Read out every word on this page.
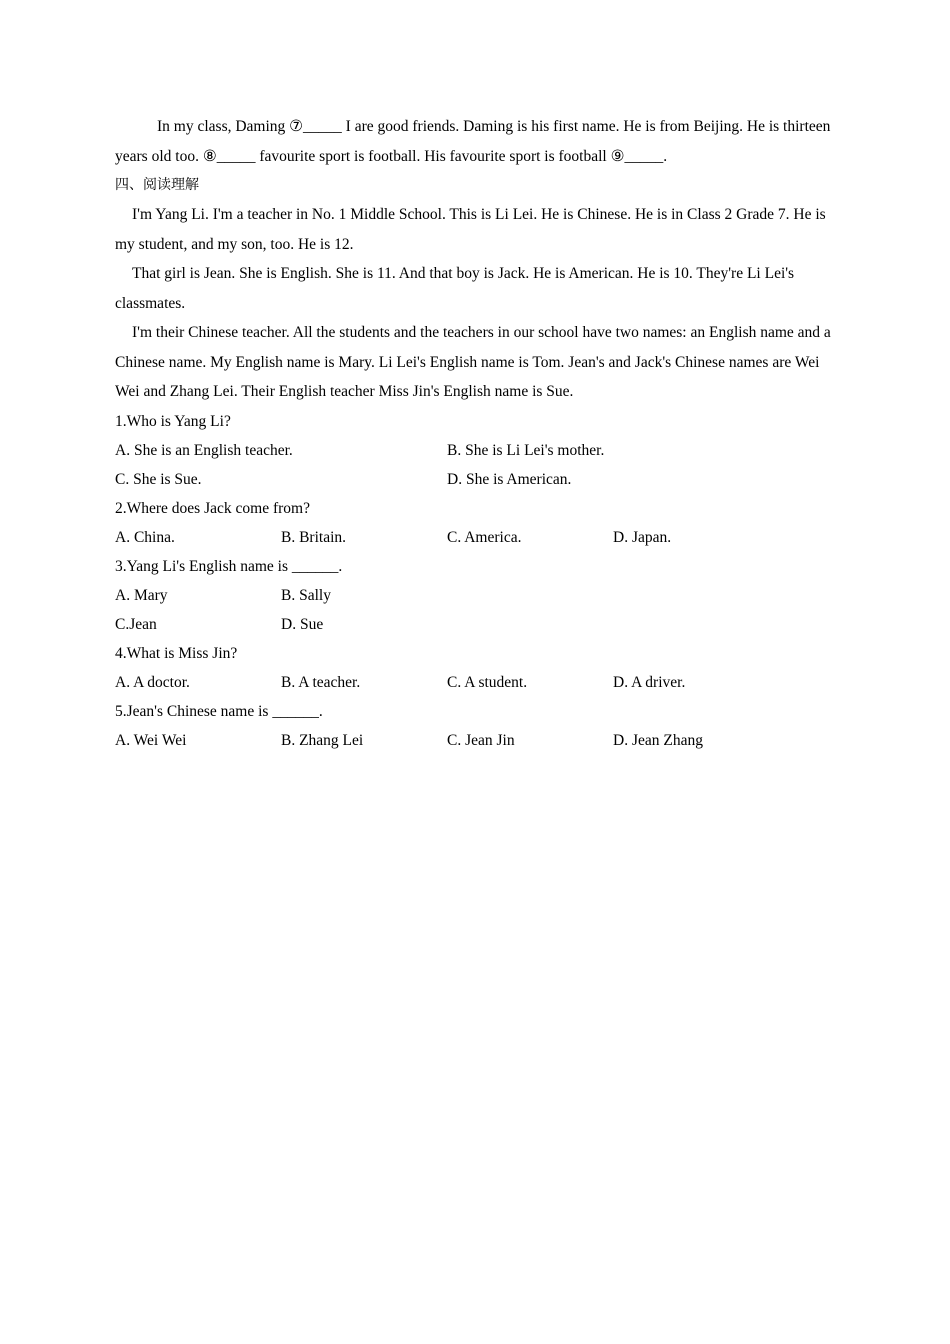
In my class, Daming ⑦_____ I are good friends. Daming is his first name. He is from Beijing. He is thirteen years old too. ⑧_____ favourite sport is football. His favourite sport is football ⑨_____.

四、阅读理解

I'm Yang Li. I'm a teacher in No. 1 Middle School. This is Li Lei. He is Chinese. He is in Class 2 Grade 7. He is my student, and my son, too. He is 12.

That girl is Jean. She is English. She is 11. And that boy is Jack. He is American. He is 10. They're Li Lei's classmates.

I'm their Chinese teacher. All the students and the teachers in our school have two names: an English name and a Chinese name. My English name is Mary. Li Lei's English name is Tom. Jean's and Jack's Chinese names are Wei Wei and Zhang Lei. Their English teacher Miss Jin's English name is Sue.

1.Who is Yang Li?
A. She is an English teacher.	B. She is Li Lei's mother.
C. She is Sue.	D. She is American.
2.Where does Jack come from?
A. China.	B. Britain.	C. America.	D. Japan.
3.Yang Li's English name is ______.
A. Mary	B. Sally
C.Jean	D. Sue
4.What is Miss Jin?
A. A doctor.	B. A teacher.	C. A student.	D. A driver.
5.Jean's Chinese name is ______.
A. Wei Wei	B. Zhang Lei	C. Jean Jin	D. Jean Zhang
